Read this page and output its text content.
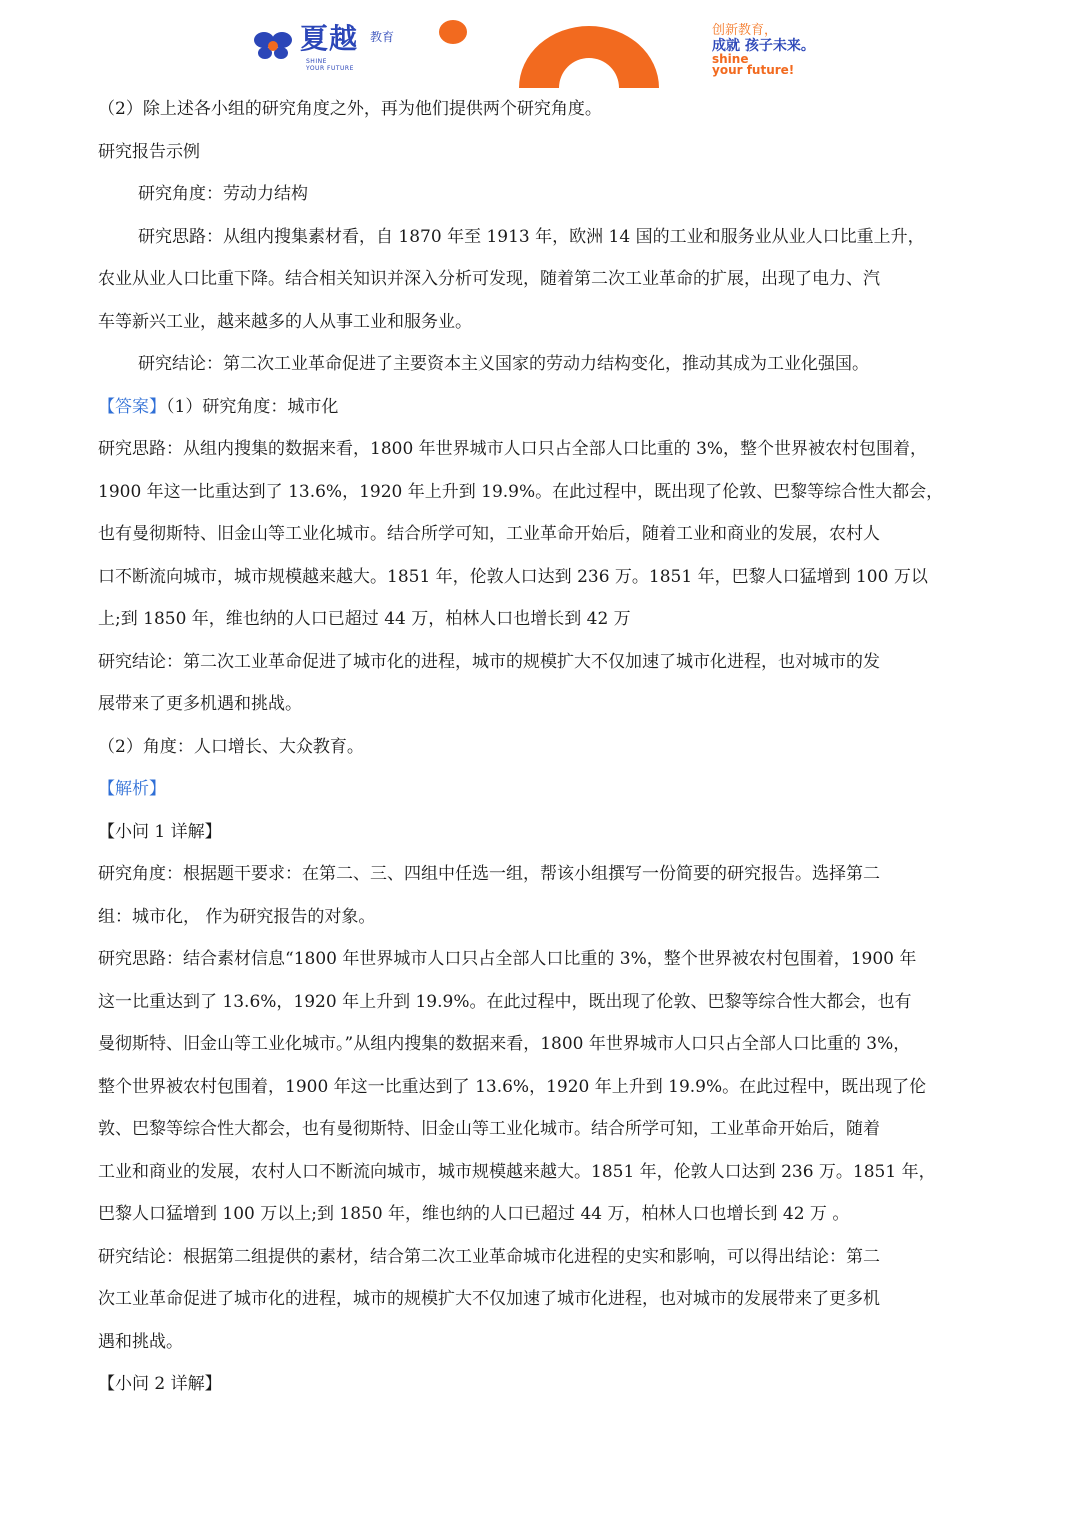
夏越 教育
SHINE
YOUR FUTURE
创新教育，
成就 孩子未来。
shine
your future!
（2）除上述各小组的研究角度之外，再为他们提供两个研究角度。
研究报告示例
研究角度：劳动力结构
研究思路：从组内搜集素材看，自 1870 年至 1913 年，欧洲 14 国的工业和服务业从业人口比重上升，
农业从业人口比重下降。结合相关知识并深入分析可发现，随着第二次工业革命的扩展，出现了电力、汽
车等新兴工业，越来越多的人从事工业和服务业。
研究结论：第二次工业革命促进了主要资本主义国家的劳动力结构变化，推动其成为工业化强国。
【答案】（1）研究角度：城市化
研究思路：从组内搜集的数据来看，1800 年世界城市人口只占全部人口比重的 3%，整个世界被农村包围着，
1900 年这一比重达到了 13.6%，1920 年上升到 19.9%。在此过程中，既出现了伦敦、巴黎等综合性大都会，
也有曼彻斯特、旧金山等工业化城市。结合所学可知，工业革命开始后，随着工业和商业的发展，农村人
口不断流向城市，城市规模越来越大。1851 年，伦敦人口达到 236 万。1851 年，巴黎人口猛增到 100 万以
上;到 1850 年，维也纳的人口已超过 44 万，柏林人口也增长到 42 万
研究结论：第二次工业革命促进了城市化的进程，城市的规模扩大不仅加速了城市化进程，也对城市的发
展带来了更多机遇和挑战。
（2）角度：人口增长、大众教育。
【解析】
【小问 1 详解】
研究角度：根据题干要求：在第二、三、四组中任选一组，帮该小组撰写一份简要的研究报告。选择第二
组：城市化， 作为研究报告的对象。
研究思路：结合素材信息“1800 年世界城市人口只占全部人口比重的 3%，整个世界被农村包围着，1900 年
这一比重达到了 13.6%，1920 年上升到 19.9%。在此过程中，既出现了伦敦、巴黎等综合性大都会，也有
曼彻斯特、旧金山等工业化城市。”从组内搜集的数据来看，1800 年世界城市人口只占全部人口比重的 3%，
整个世界被农村包围着，1900 年这一比重达到了 13.6%，1920 年上升到 19.9%。在此过程中，既出现了伦
敦、巴黎等综合性大都会，也有曼彻斯特、旧金山等工业化城市。结合所学可知，工业革命开始后，随着
工业和商业的发展，农村人口不断流向城市，城市规模越来越大。1851 年，伦敦人口达到 236 万。1851 年，
巴黎人口猛增到 100 万以上;到 1850 年，维也纳的人口已超过 44 万，柏林人口也增长到 42 万 。
研究结论：根据第二组提供的素材，结合第二次工业革命城市化进程的史实和影响，可以得出结论：第二
次工业革命促进了城市化的进程，城市的规模扩大不仅加速了城市化进程，也对城市的发展带来了更多机
遇和挑战。
【小问 2 详解】
